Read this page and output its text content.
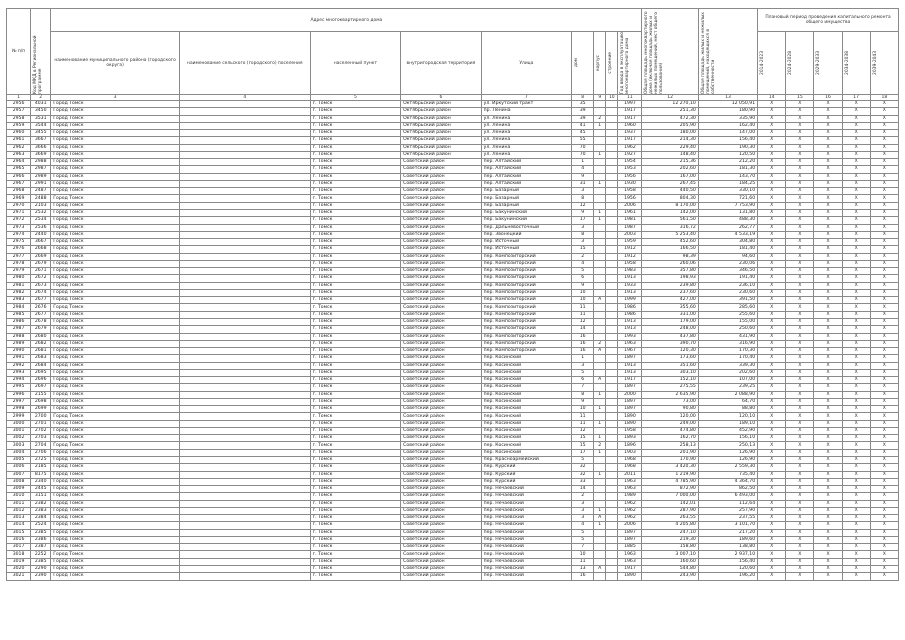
№ п/п	Код МКД в Региональной программе	Адрес многоквартирного дома									Общая площадь многоквартирного дома (включая площадь жилых и нежилых помещений, мест общего пользования)	Общая площадь жилых и нежилых помещений, находящихся в собственности	Плановый период проведения капитального ремонта общего имущества				
		наименование муниципального района (городского округа)	наименование сельского (городского) поселения	населенный пункт	внутригородская территория	Улица	дом	корпус	строение	Год ввода в эксплуатацию многоквартирного дома			2014-2023	2024-2028	2029-2033	2034-2038	2039-2043

1	2	3	4	5	6	7	8	9	10	11	12	13	14	15	16	17	18
2956	4031	Город Томск		г. Томск	Октябрьский район	ул. Иркутский тракт	35			1997	12 270,10	12 050,91	X	X	X	X	X
2957	3450	Город Томск		г. Томск	Октябрьский район	пр. Ленина	39			1917	251,30	180,90	X	X	X	X	X
2958	3531	Город Томск		г. Томск	Октябрьский район	ул. Ленина	39	2		1917	472,30	335,90	X	X	X	X	X
2959	3544	Город Томск		г. Томск	Октябрьский район	ул. Ленина	41	1		1960	205,90	162,40	X	X	X	X	X
2960	3455	Город Томск		г. Томск	Октябрьский район	ул. Ленина	45			1937	180,00	147,00	X	X	X	X	X
2961	3667	Город Томск		г. Томск	Октябрьский район	ул. Ленина	55			1917	214,30	156,40	X	X	X	X	X
2962	3666	Город Томск		г. Томск	Октябрьский район	ул. Ленина	70			1962	229,40	190,30	X	X	X	X	X
2963	3669	Город Томск		г. Томск	Октябрьский район	ул. Ленина	70	1		1927	148,40	120,50	X	X	X	X	X
2964	2988	Город Томск		г. Томск	Советский район	пер. Алтайский	1			1954	215,36	212,20	X	X	X	X	X
2965	2987	Город Томск		г. Томск	Советский район	пер. Алтайский	4			1953	202,60	181,30	X	X	X	X	X
2966	2989	Город Томск		г. Томск	Советский район	пер. Алтайский	9			1956	167,00	143,70	X	X	X	X	X
2967	2991	Город Томск		г. Томск	Советский район	пер. Алтайский	31	1		1930	267,45	184,25	X	X	X	X	X
2968	2487	Город Томск		г. Томск	Советский район	пер. Базарный	3			1958	440,50	330,10	X	X	X	X	X
2969	2488	Город Томск		г. Томск	Советский район	пер. Базарный	8			1956	804,30	721,60	X	X	X	X	X
2970	2103	Город Томск		г. Томск	Советский район	пер. Базарный	12			2006	8 170,00	7 753,90	X	X	X	X	X
2971	2532	Город Томск		г. Томск	Советский район	пер. Бакунинский	9	1		1961	142,00	131,80	X	X	X	X	X
2972	2534	Город Томск		г. Томск	Советский район	пер. Бакунинский	17	1		1981	561,50	488,30	X	X	X	X	X
2973	2536	Город Томск		г. Томск	Советский район	пер. Дальневосточный	3			1987	316,72	262,77	X	X	X	X	X
2974	2440	Город Томск		г. Томск	Советский район	пер. Звонецкий	8			2003	5 253,40	4 533,19	X	X	X	X	X
2975	3667	Город Томск		г. Томск	Советский район	пер. Источный	3			1959	452,60	304,80	X	X	X	X	X
2976	2668	Город Томск		г. Томск	Советский район	пер. Источный	15			1912	166,50	181,40	X	X	X	X	X
2977	2669	Город Томск		г. Томск	Советский район	пер. Композиторский	2			1912	98,39	94,60	X	X	X	X	X
2978	2679	Город Томск		г. Томск	Советский район	пер. Композиторский	4			1958	260,06	230,06	X	X	X	X	X
2979	2671	Город Томск		г. Томск	Советский район	пер. Композиторский	5			1983	357,80	346,50	X	X	X	X	X
2980	2672	Город Томск		г. Томск	Советский район	пер. Композиторский	6			1913	198,93	191,40	X	X	X	X	X
2981	2673	Город Томск		г. Томск	Советский район	пер. Композиторский	9			1933	239,80	236,10	X	X	X	X	X
2982	2674	Город Томск		г. Томск	Советский район	пер. Композиторский	10			1913	237,60	230,60	X	X	X	X	X
2983	2677	Город Томск		г. Томск	Советский район	пер. Композиторский	10	А		1999	427,00	391,50	X	X	X	X	X
2984	2676	Город Томск		г. Томск	Советский район	пер. Композиторский	11			1986	355,60	285,60	X	X	X	X	X
2985	2677	Город Томск		г. Томск	Советский район	пер. Композиторский	11			1986	331,00	255,60	X	X	X	X	X
2986	2678	Город Томск		г. Томск	Советский район	пер. Композиторский	12			1913	179,00	155,00	X	X	X	X	X
2987	2679	Город Томск		г. Томск	Советский район	пер. Композиторский	14			1913	248,00	250,60	X	X	X	X	X
2988	2680	Город Томск		г. Томск	Советский район	пер. Композиторский	16			1993	437,80	431,90	X	X	X	X	X
2989	2682	Город Томск		г. Томск	Советский район	пер. Композиторский	16	2		1963	390,70	316,90	X	X	X	X	X
2990	2681	Город Томск		г. Томск	Советский район	пер. Композиторский	16	А		1967	120,30	170,30	X	X	X	X	X
2991	2683	Город Томск		г. Томск	Советский район	пер. Косинский	1			1897	173,60	170,40	X	X	X	X	X
2992	2684	Город Томск		г. Томск	Советский район	пер. Косинский	3			1913	351,60	339,30	X	X	X	X	X
2993	2695	Город Томск		г. Томск	Советский район	пер. Косинский	5			1913	303,10	202,60	X	X	X	X	X
2994	2696	Город Томск		г. Томск	Советский район	пер. Косинский	6	А		1917	152,10	107,00	X	X	X	X	X
2995	2697	Город Томск		г. Томск	Советский район	пер. Косинский	7			1897	275,55	239,25	X	X	X	X	X
2996	2155	Город Томск		г. Томск	Советский район	пер. Косинский	8	1		2000	2 635,90	2 088,90	X	X	X	X	X
2997	2698	Город Томск		г. Томск	Советский район	пер. Косинский	9			1897	73,00	64,70	X	X	X	X	X
2998	2699	Город Томск		г. Томск	Советский район	пер. Косинский	10	1		1897	90,80	88,80	X	X	X	X	X
2999	2700	Город Томск		г. Томск	Советский район	пер. Косинский	11			1890	120,00	120,10	X	X	X	X	X
3000	2701	Город Томск		г. Томск	Советский район	пер. Косинский	11	1		1890	249,00	189,10	X	X	X	X	X
3001	2702	Город Томск		г. Томск	Советский район	пер. Косинский	12			1958	474,80	452,90	X	X	X	X	X
3002	2703	Город Томск		г. Томск	Советский район	пер. Косинский	15	1		1893	162,70	156,10	X	X	X	X	X
3003	2704	Город Томск		г. Томск	Советский район	пер. Косинский	15	2		1896	258,13	250,13	X	X	X	X	X
3004	2706	Город Томск		г. Томск	Советский район	пер. Косинский	17	1		1903	201,90	126,90	X	X	X	X	X
3005	2725	Город Томск		г. Томск	Советский район	пер. Красноармейский	5			1968	170,90	126,90	X	X	X	X	X
3006	2185	Город Томск		г. Томск	Советский район	пер. Курский	32			1968	3 420,30	2 559,30	X	X	X	X	X
3007	8175	Город Томск		г. Томск	Советский район	пер. Курский	32	1		2011	1 219,90	735,40	X	X	X	X	X
3008	2340	Город Томск		г. Томск	Советский район	пер. Курский	33			1963	4 785,90	4 364,70	X	X	X	X	X
3009	2445	Город Томск		г. Томск	Советский район	пер. Нечаевский	14			1963	872,90	862,50	X	X	X	X	X
3010	3151	Город Томск		г. Томск	Советский район	пер. Нечаевский	2			1989	7 000,00	6 493,00	X	X	X	X	X
3011	2382	Город Томск		г. Томск	Советский район	пер. Нечаевский	3			1962	142,01	112,64	X	X	X	X	X
3012	2383	Город Томск		г. Томск	Советский район	пер. Нечаевский	3	1		1962	287,90	257,90	X	X	X	X	X
3013	2384	Город Томск		г. Томск	Советский район	пер. Нечаевский	3	А		1962	263,55	237,55	X	X	X	X	X
3014	2524	Город Томск		г. Томск	Советский район	пер. Нечаевский	4	1		2006	4 205,80	3 101,70	X	X	X	X	X
3015	2385	Город Томск		г. Томск	Советский район	пер. Нечаевский	5			1897	247,10	217,20	X	X	X	X	X
3016	2386	Город Томск		г. Томск	Советский район	пер. Нечаевский	5			1897	219,30	189,60	X	X	X	X	X
3017	2387	Город Томск		г. Томск	Советский район	пер. Нечаевский	7			1885	158,80	138,80	X	X	X	X	X
3018	2252	Город Томск		г. Томск	Советский район	пер. Нечаевский	10			1963	3 007,10	2 937,10	X	X	X	X	X
3019	2385	Город Томск		г. Томск	Советский район	пер. Нечаевский	11			1963	160,60	156,40	X	X	X	X	X
3020	2290	Город Томск		г. Томск	Советский район	пер. Нечаевский	13	А		1917	544,80	120,60	X	X	X	X	X
3021	2390	Город Томск		г. Томск	Советский район	пер. Нечаевский	16			1890	243,90	196,20	X	X	X	X	X
